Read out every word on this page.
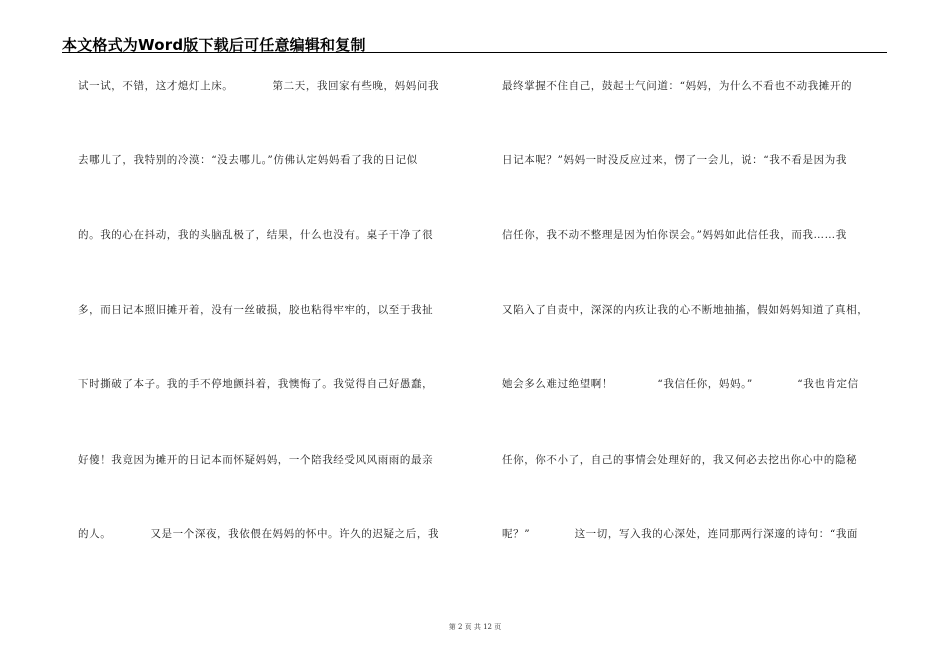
本文格式为Word版下载后可任意编辑和复制
试一试，不错，这才熄灯上床。　　　　第二天，我回家有些晚，妈妈问我
去哪儿了，我特别的冷漠：“没去哪儿。”仿佛认定妈妈看了我的日记似
的。我的心在抖动，我的头脑乱极了，结果，什么也没有。桌子干净了很
多，而日记本照旧摊开着，没有一丝破损，胶也粘得牢牢的，以至于我扯
下时撕破了本子。我的手不停地颤抖着，我懊悔了。我觉得自己好愚蠢，
好傻！我竟因为摊开的日记本而怀疑妈妈，一个陪我经受风风雨雨的最亲
的人。　　　　又是一个深夜，我依偎在妈妈的怀中。许久的迟疑之后，我
最终掌握不住自己，鼓起士气问道：“妈妈，为什么不看也不动我摊开的
日记本呢？”妈妈一时没反应过来，愣了一会儿，说：“我不看是因为我
信任你，我不动不整理是因为怕你误会。”妈妈如此信任我，而我……我
又陷入了自责中，深深的内疚让我的心不断地抽搐，假如妈妈知道了真相，
她会多么难过绝望啊！　　　　“我信任你，妈妈。”　　　　“我也肯定信
任你，你不小了，自己的事情会处理好的，我又何必去挖出你心中的隐秘
呢？”　　　　这一切，写入我的心深处，连同那两行深邃的诗句：“我面
第 2 页 共 12 页
